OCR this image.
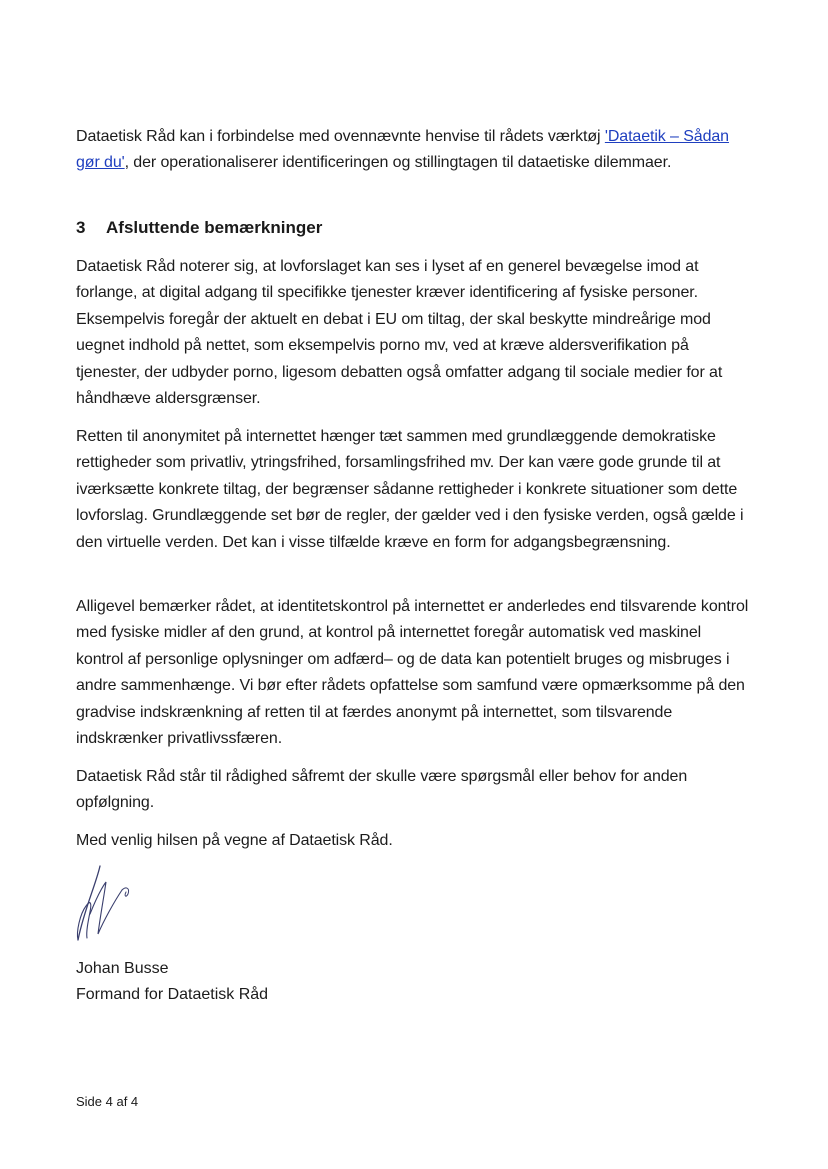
Dataetisk Råd kan i forbindelse med ovennævnte henvise til rådets værktøj 'Dataetik – Sådan gør du', der operationaliserer identificeringen og stillingtagen til dataetiske dilemmaer.
3 Afsluttende bemærkninger
Dataetisk Råd noterer sig, at lovforslaget kan ses i lyset af en generel bevægelse imod at forlange, at digital adgang til specifikke tjenester kræver identificering af fysiske personer. Eksempelvis foregår der aktuelt en debat i EU om tiltag, der skal beskytte mindreårige mod uegnet indhold på nettet, som eksempelvis porno mv, ved at kræve aldersverifikation på tjenester, der udbyder porno, ligesom debatten også omfatter adgang til sociale medier for at håndhæve aldersgrænser.
Retten til anonymitet på internettet hænger tæt sammen med grundlæggende demokratiske rettigheder som privatliv, ytringsfrihed, forsamlingsfrihed mv. Der kan være gode grunde til at iværksætte konkrete tiltag, der begrænser sådanne rettigheder i konkrete situationer som dette lovforslag. Grundlæggende set bør de regler, der gælder ved i den fysiske verden, også gælde i den virtuelle verden. Det kan i visse tilfælde kræve en form for adgangsbegrænsning.
Alligevel bemærker rådet, at identitetskontrol på internettet er anderledes end tilsvarende kontrol med fysiske midler af den grund, at kontrol på internettet foregår automatisk ved maskinel kontrol af personlige oplysninger om adfærd– og de data kan potentielt bruges og misbruges i andre sammenhænge. Vi bør efter rådets opfattelse som samfund være opmærksomme på den gradvise indskrænkning af retten til at færdes anonymt på internettet, som tilsvarende indskrænker privatlivssfæren.
Dataetisk Råd står til rådighed såfremt der skulle være spørgsmål eller behov for anden opfølgning.
Med venlig hilsen på vegne af Dataetisk Råd.
Johan Busse
Formand for Dataetisk Råd
Side 4 af 4
